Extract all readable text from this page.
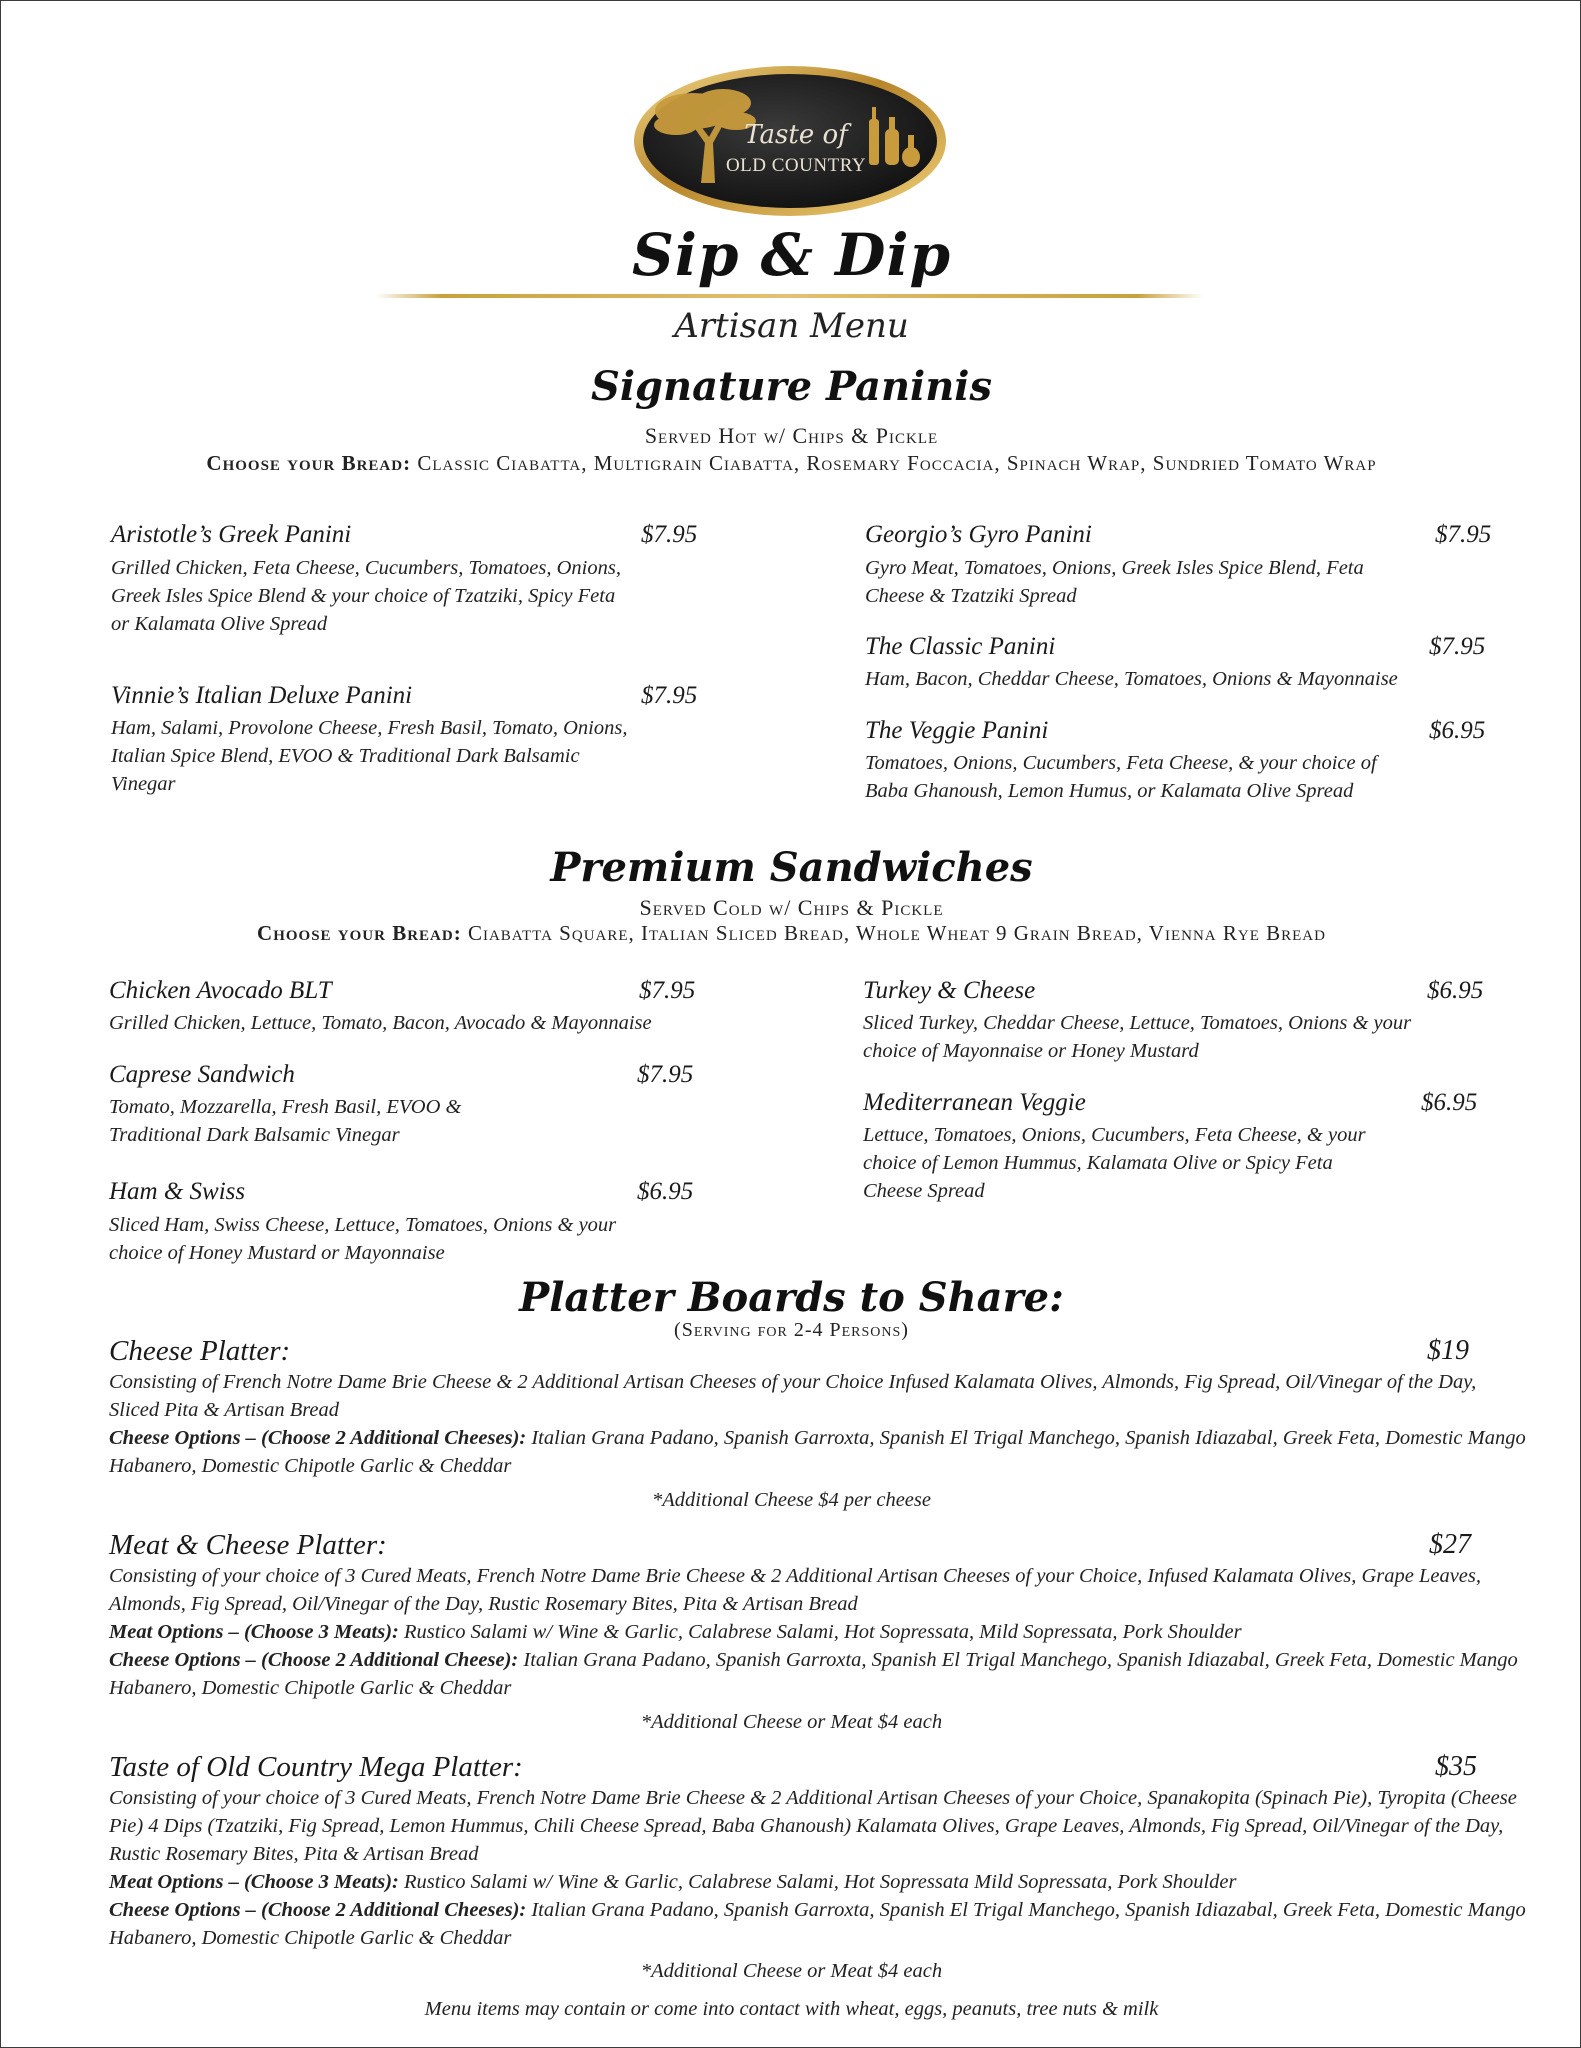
Taste of
OLD COUNTRY
Sip & Dip
Artisan Menu
Signature Paninis
Served Hot w/ Chips & Pickle
Choose your Bread: Classic Ciabatta, Multigrain Ciabatta, Rosemary Foccacia, Spinach Wrap, Sundried Tomato Wrap
Aristotle’s Greek Panini	$7.95
Grilled Chicken, Feta Cheese, Cucumbers, Tomatoes, Onions, Greek Isles Spice Blend & your choice of Tzatziki, Spicy Feta or Kalamata Olive Spread
Vinnie’s Italian Deluxe Panini	$7.95
Ham, Salami, Provolone Cheese, Fresh Basil, Tomato, Onions, Italian Spice Blend, EVOO & Traditional Dark Balsamic Vinegar
Georgio’s Gyro Panini	$7.95
Gyro Meat, Tomatoes, Onions, Greek Isles Spice Blend, Feta Cheese & Tzatziki Spread
The Classic Panini	$7.95
Ham, Bacon, Cheddar Cheese, Tomatoes, Onions & Mayonnaise
The Veggie Panini	$6.95
Tomatoes, Onions, Cucumbers, Feta Cheese, & your choice of Baba Ghanoush, Lemon Humus, or Kalamata Olive Spread
Premium Sandwiches
Served Cold w/ Chips & Pickle
Choose your Bread: Ciabatta Square, Italian Sliced Bread, Whole Wheat 9 Grain Bread, Vienna Rye Bread
Chicken Avocado BLT	$7.95
Grilled Chicken, Lettuce, Tomato, Bacon, Avocado & Mayonnaise
Caprese Sandwich	$7.95
Tomato, Mozzarella, Fresh Basil, EVOO & Traditional Dark Balsamic Vinegar
Ham & Swiss	$6.95
Sliced Ham, Swiss Cheese, Lettuce, Tomatoes, Onions & your choice of Honey Mustard or Mayonnaise
Turkey & Cheese	$6.95
Sliced Turkey, Cheddar Cheese, Lettuce, Tomatoes, Onions & your choice of Mayonnaise or Honey Mustard
Mediterranean Veggie	$6.95
Lettuce, Tomatoes, Onions, Cucumbers, Feta Cheese, & your choice of Lemon Hummus, Kalamata Olive or Spicy Feta Cheese Spread
Platter Boards to Share:
(Serving for 2-4 Persons)
Cheese Platter:	$19
Consisting of French Notre Dame Brie Cheese & 2 Additional Artisan Cheeses of your Choice Infused Kalamata Olives, Almonds, Fig Spread, Oil/Vinegar of the Day, Sliced Pita & Artisan Bread
Cheese Options – (Choose 2 Additional Cheeses): Italian Grana Padano, Spanish Garroxta, Spanish El Trigal Manchego, Spanish Idiazabal, Greek Feta, Domestic Mango Habanero, Domestic Chipotle Garlic & Cheddar
*Additional Cheese $4 per cheese
Meat & Cheese Platter:	$27
Consisting of your choice of 3 Cured Meats, French Notre Dame Brie Cheese & 2 Additional Artisan Cheeses of your Choice, Infused Kalamata Olives, Grape Leaves, Almonds, Fig Spread, Oil/Vinegar of the Day, Rustic Rosemary Bites, Pita & Artisan Bread
Meat Options – (Choose 3 Meats): Rustico Salami w/ Wine & Garlic, Calabrese Salami, Hot Sopressata, Mild Sopressata, Pork Shoulder
Cheese Options – (Choose 2 Additional Cheese): Italian Grana Padano, Spanish Garroxta, Spanish El Trigal Manchego, Spanish Idiazabal, Greek Feta, Domestic Mango Habanero, Domestic Chipotle Garlic & Cheddar
*Additional Cheese or Meat $4 each
Taste of Old Country Mega Platter:	$35
Consisting of your choice of 3 Cured Meats, French Notre Dame Brie Cheese & 2 Additional Artisan Cheeses of your Choice, Spanakopita (Spinach Pie), Tyropita (Cheese Pie) 4 Dips (Tzatziki, Fig Spread, Lemon Hummus, Chili Cheese Spread, Baba Ghanoush) Kalamata Olives, Grape Leaves, Almonds, Fig Spread, Oil/Vinegar of the Day, Rustic Rosemary Bites, Pita & Artisan Bread
Meat Options – (Choose 3 Meats): Rustico Salami w/ Wine & Garlic, Calabrese Salami, Hot Sopressata Mild Sopressata, Pork Shoulder
Cheese Options – (Choose 2 Additional Cheeses): Italian Grana Padano, Spanish Garroxta, Spanish El Trigal Manchego, Spanish Idiazabal, Greek Feta, Domestic Mango Habanero, Domestic Chipotle Garlic & Cheddar
*Additional Cheese or Meat $4 each
Menu items may contain or come into contact with wheat, eggs, peanuts, tree nuts & milk
